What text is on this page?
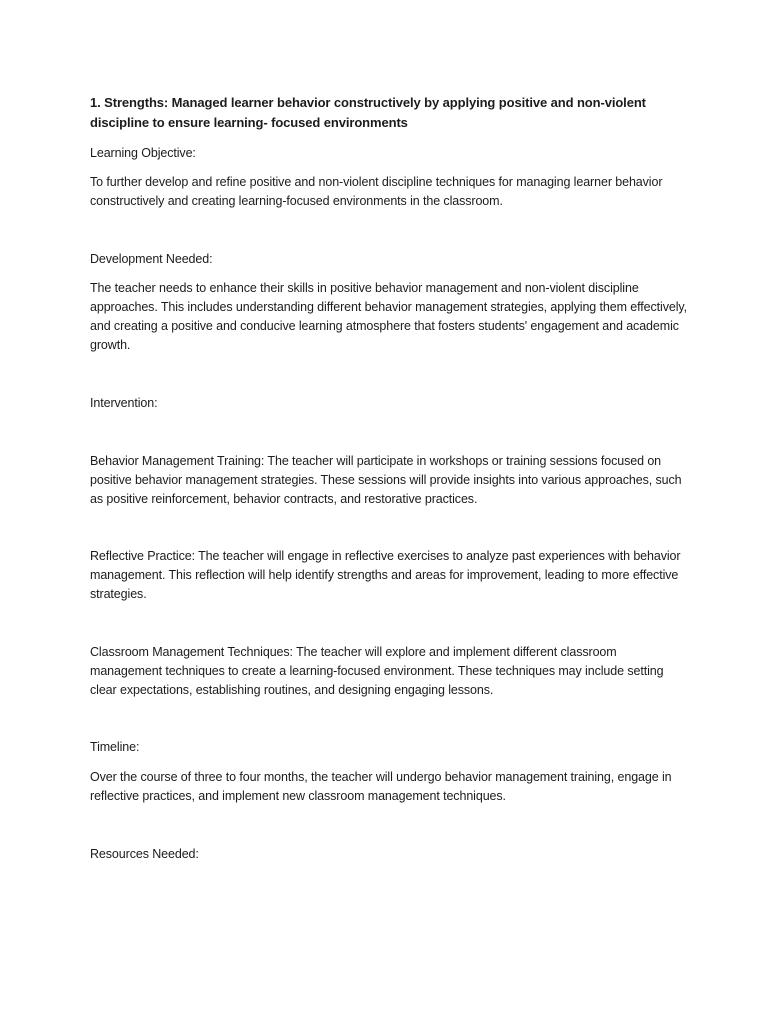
1. Strengths: Managed learner behavior constructively by applying positive and non-violent discipline to ensure learning- focused environments

Learning Objective:

To further develop and refine positive and non-violent discipline techniques for managing learner behavior constructively and creating learning-focused environments in the classroom.

Development Needed:

The teacher needs to enhance their skills in positive behavior management and non-violent discipline approaches. This includes understanding different behavior management strategies, applying them effectively, and creating a positive and conducive learning atmosphere that fosters students' engagement and academic growth.

Intervention:

Behavior Management Training: The teacher will participate in workshops or training sessions focused on positive behavior management strategies. These sessions will provide insights into various approaches, such as positive reinforcement, behavior contracts, and restorative practices.

Reflective Practice: The teacher will engage in reflective exercises to analyze past experiences with behavior management. This reflection will help identify strengths and areas for improvement, leading to more effective strategies.

Classroom Management Techniques: The teacher will explore and implement different classroom management techniques to create a learning-focused environment. These techniques may include setting clear expectations, establishing routines, and designing engaging lessons.

Timeline:

Over the course of three to four months, the teacher will undergo behavior management training, engage in reflective practices, and implement new classroom management techniques.

Resources Needed:
